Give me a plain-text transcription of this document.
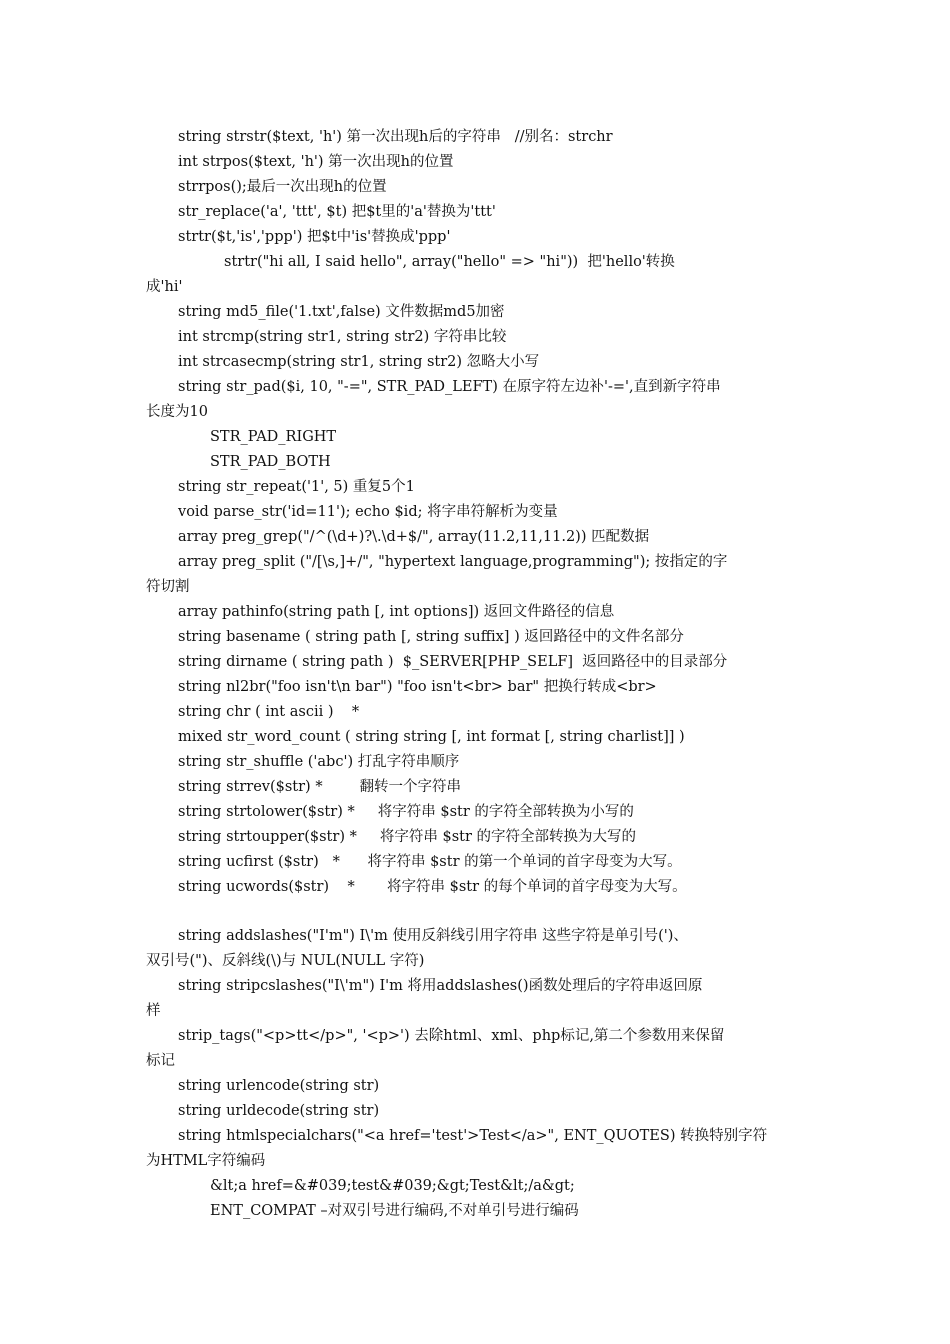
string strstr($text, 'h') 第一次出现h后的字符串   //别名：strchr
int strpos($text, 'h') 第一次出现h的位置
strrpos();最后一次出现h的位置
str_replace('a', 'ttt', $t) 把$t里的'a'替换为'ttt'
strtr($t,'is','ppp') 把$t中'is'替换成'ppp'
strtr("hi all, I said hello", array("hello" => "hi"))  把'hello'转换
成'hi'
string md5_file('1.txt',false) 文件数据md5加密
int strcmp(string str1, string str2) 字符串比较
int strcasecmp(string str1, string str2) 忽略大小写
string str_pad($i, 10, "-=", STR_PAD_LEFT) 在原字符左边补'-=',直到新字符串
长度为10
STR_PAD_RIGHT
STR_PAD_BOTH
string str_repeat('1', 5) 重复5个1
void parse_str('id=11'); echo $id; 将字串符解析为变量
array preg_grep("/^(\d+)?\.\d+$/", array(11.2,11,11.2)) 匹配数据
array preg_split ("/[\s,]+/", "hypertext language,programming"); 按指定的字
符切割
array pathinfo(string path [, int options]) 返回文件路径的信息
string basename ( string path [, string suffix] ) 返回路径中的文件名部分
string dirname ( string path )  $_SERVER[PHP_SELF]  返回路径中的目录部分
string nl2br("foo isn't\n bar") "foo isn't<br> bar" 把换行转成<br>
string chr ( int ascii )    *
mixed str_word_count ( string string [, int format [, string charlist]] )
string str_shuffle ('abc') 打乱字符串顺序
string strrev($str) *        翻转一个字符串
string strtolower($str) *     将字符串 $str 的字符全部转换为小写的
string strtoupper($str) *     将字符串 $str 的字符全部转换为大写的
string ucfirst ($str)   *      将字符串 $str 的第一个单词的首字母变为大写。
string ucwords($str)    *       将字符串 $str 的每个单词的首字母变为大写。
string addslashes("I'm") I\'m 使用反斜线引用字符串 这些字符是单引号(')、
双引号(")、反斜线(\)与 NUL(NULL 字符)
string stripcslashes("I\'m") I'm 将用addslashes()函数处理后的字符串返回原
样
strip_tags("<p>tt</p>", '<p>') 去除html、xml、php标记,第二个参数用来保留
标记
string urlencode(string str)
string urldecode(string str)
string htmlspecialchars("<a href='test'>Test</a>", ENT_QUOTES) 转换特别字符
为HTML字符编码
&lt;a href=&#039;test&#039;&gt;Test&lt;/a&gt;
ENT_COMPAT –对双引号进行编码,不对单引号进行编码
